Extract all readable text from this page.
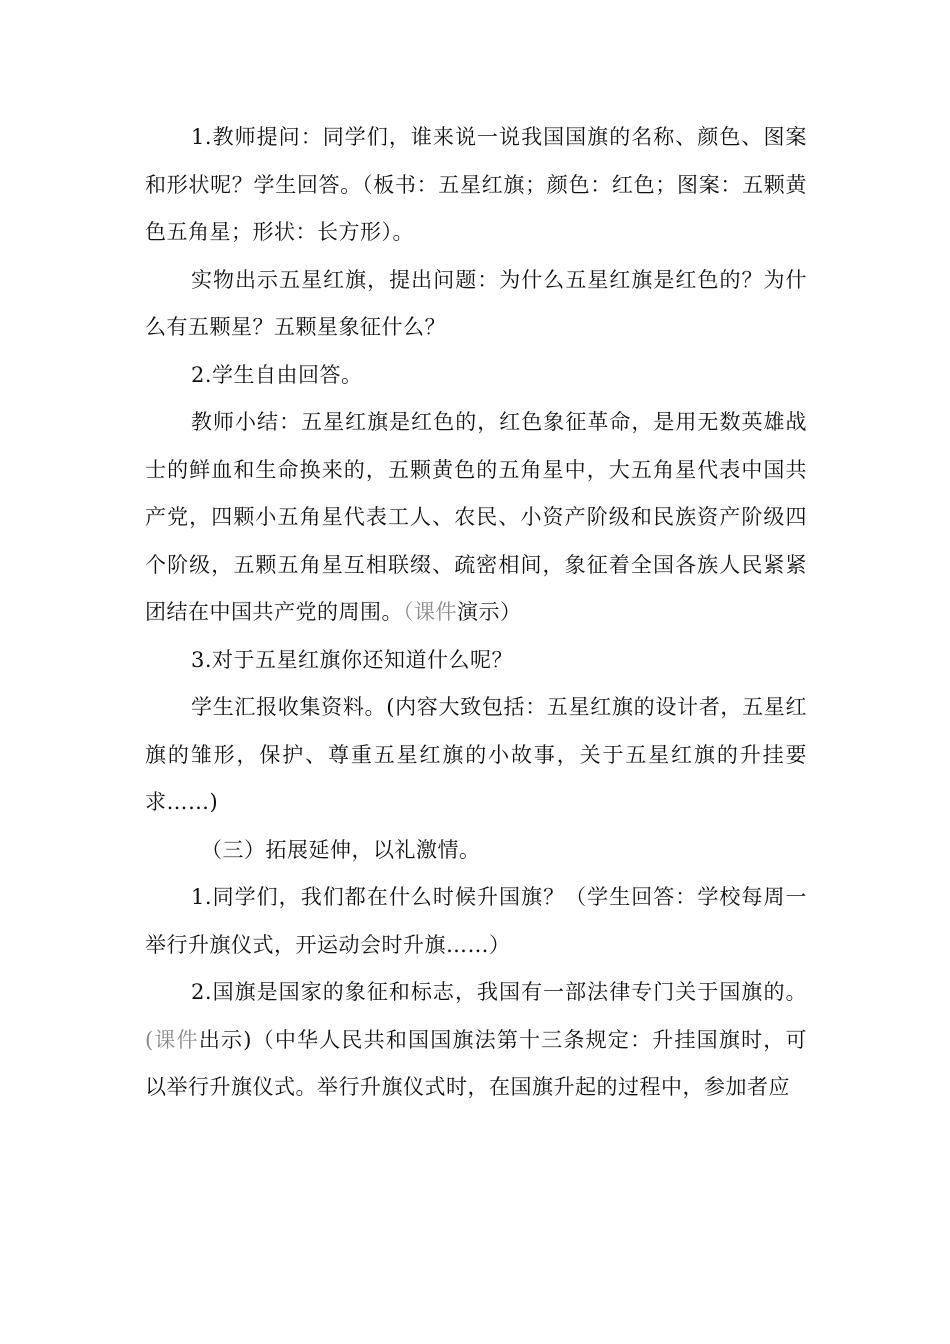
1.教师提问：同学们，谁来说一说我国国旗的名称、颜色、图案和形状呢？学生回答。（板书：五星红旗；颜色：红色；图案：五颗黄色五角星；形状：长方形）。

实物出示五星红旗，提出问题：为什么五星红旗是红色的？为什么有五颗星？五颗星象征什么？

2.学生自由回答。

教师小结：五星红旗是红色的，红色象征革命，是用无数英雄战士的鲜血和生命换来的，五颗黄色的五角星中，大五角星代表中国共产党，四颗小五角星代表工人、农民、小资产阶级和民族资产阶级四个阶级，五颗五角星互相联缀、疏密相间，象征着全国各族人民紧紧团结在中国共产党的周围。（课件演示）

3.对于五星红旗你还知道什么呢？

学生汇报收集资料。(内容大致包括：五星红旗的设计者，五星红旗的雏形，保护、尊重五星红旗的小故事，关于五星红旗的升挂要求……)

（三）拓展延伸，以礼激情。

1.同学们，我们都在什么时候升国旗？（学生回答：学校每周一举行升旗仪式，开运动会时升旗……）

2.国旗是国家的象征和标志，我国有一部法律专门关于国旗的。(课件出示)（中华人民共和国国旗法第十三条规定：升挂国旗时，可以举行升旗仪式。举行升旗仪式时，在国旗升起的过程中，参加者应
